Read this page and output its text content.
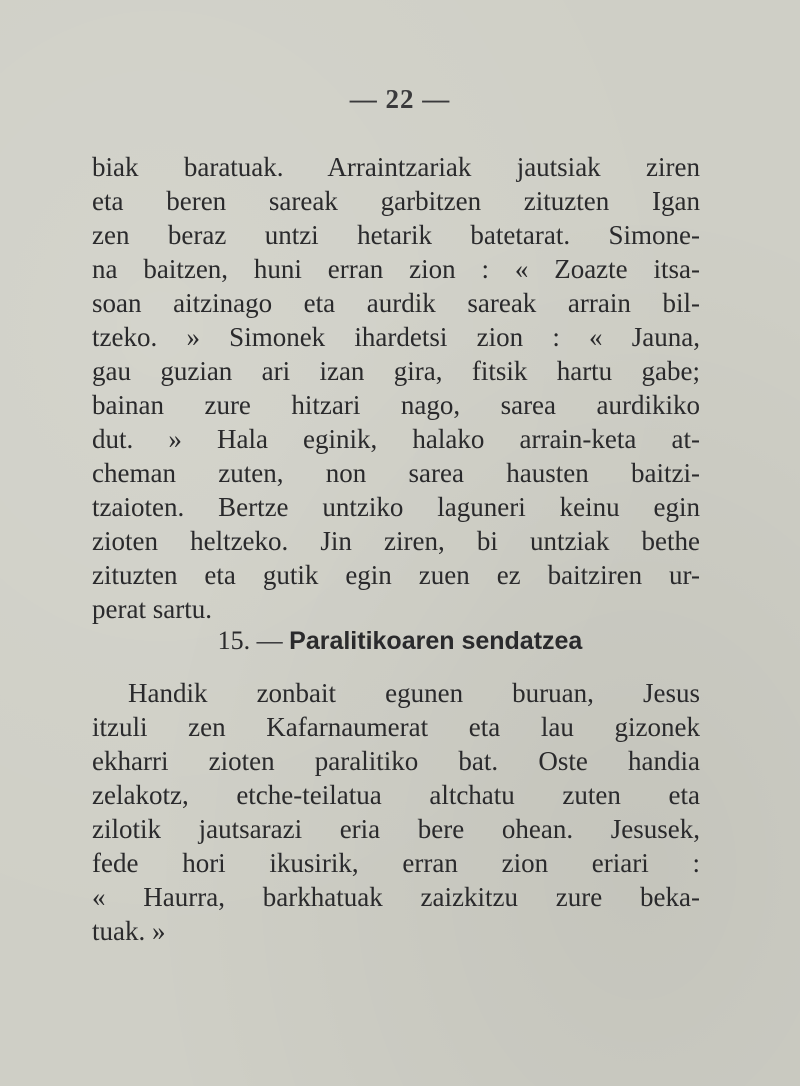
— 22 —
biak baratuak. Arraintzariak jautsiak ziren
eta beren sareak garbitzen zituzten Igan
zen beraz untzi hetarik batetarat. Simone-
na baitzen, huni erran zion : « Zoazte itsa-
soan aitzinago eta aurdik sareak arrain bil-
tzeko. » Simonek ihardetsi zion : « Jauna,
gau guzian ari izan gira, fitsik hartu gabe;
bainan zure hitzari nago, sarea aurdikiko
dut. » Hala eginik, halako arrain-keta at-
cheman zuten, non sarea hausten baitzi-
tzaioten. Bertze untziko laguneri keinu egin
zioten heltzeko. Jin ziren, bi untziak bethe
zituzten eta gutik egin zuen ez baitziren ur-
perat sartu.
15. — Paralitikoaren sendatzea
Handik zonbait egunen buruan, Jesus
itzuli zen Kafarnaumerat eta lau gizonek
ekharri zioten paralitiko bat. Oste handia
zelakotz, etche-teilatua altchatu zuten eta
zilotik jautsarazi eria bere ohean. Jesusek,
fede hori ikusirik, erran zion eriari :
« Haurra, barkhatuak zaizkitzu zure beka-
tuak. »
